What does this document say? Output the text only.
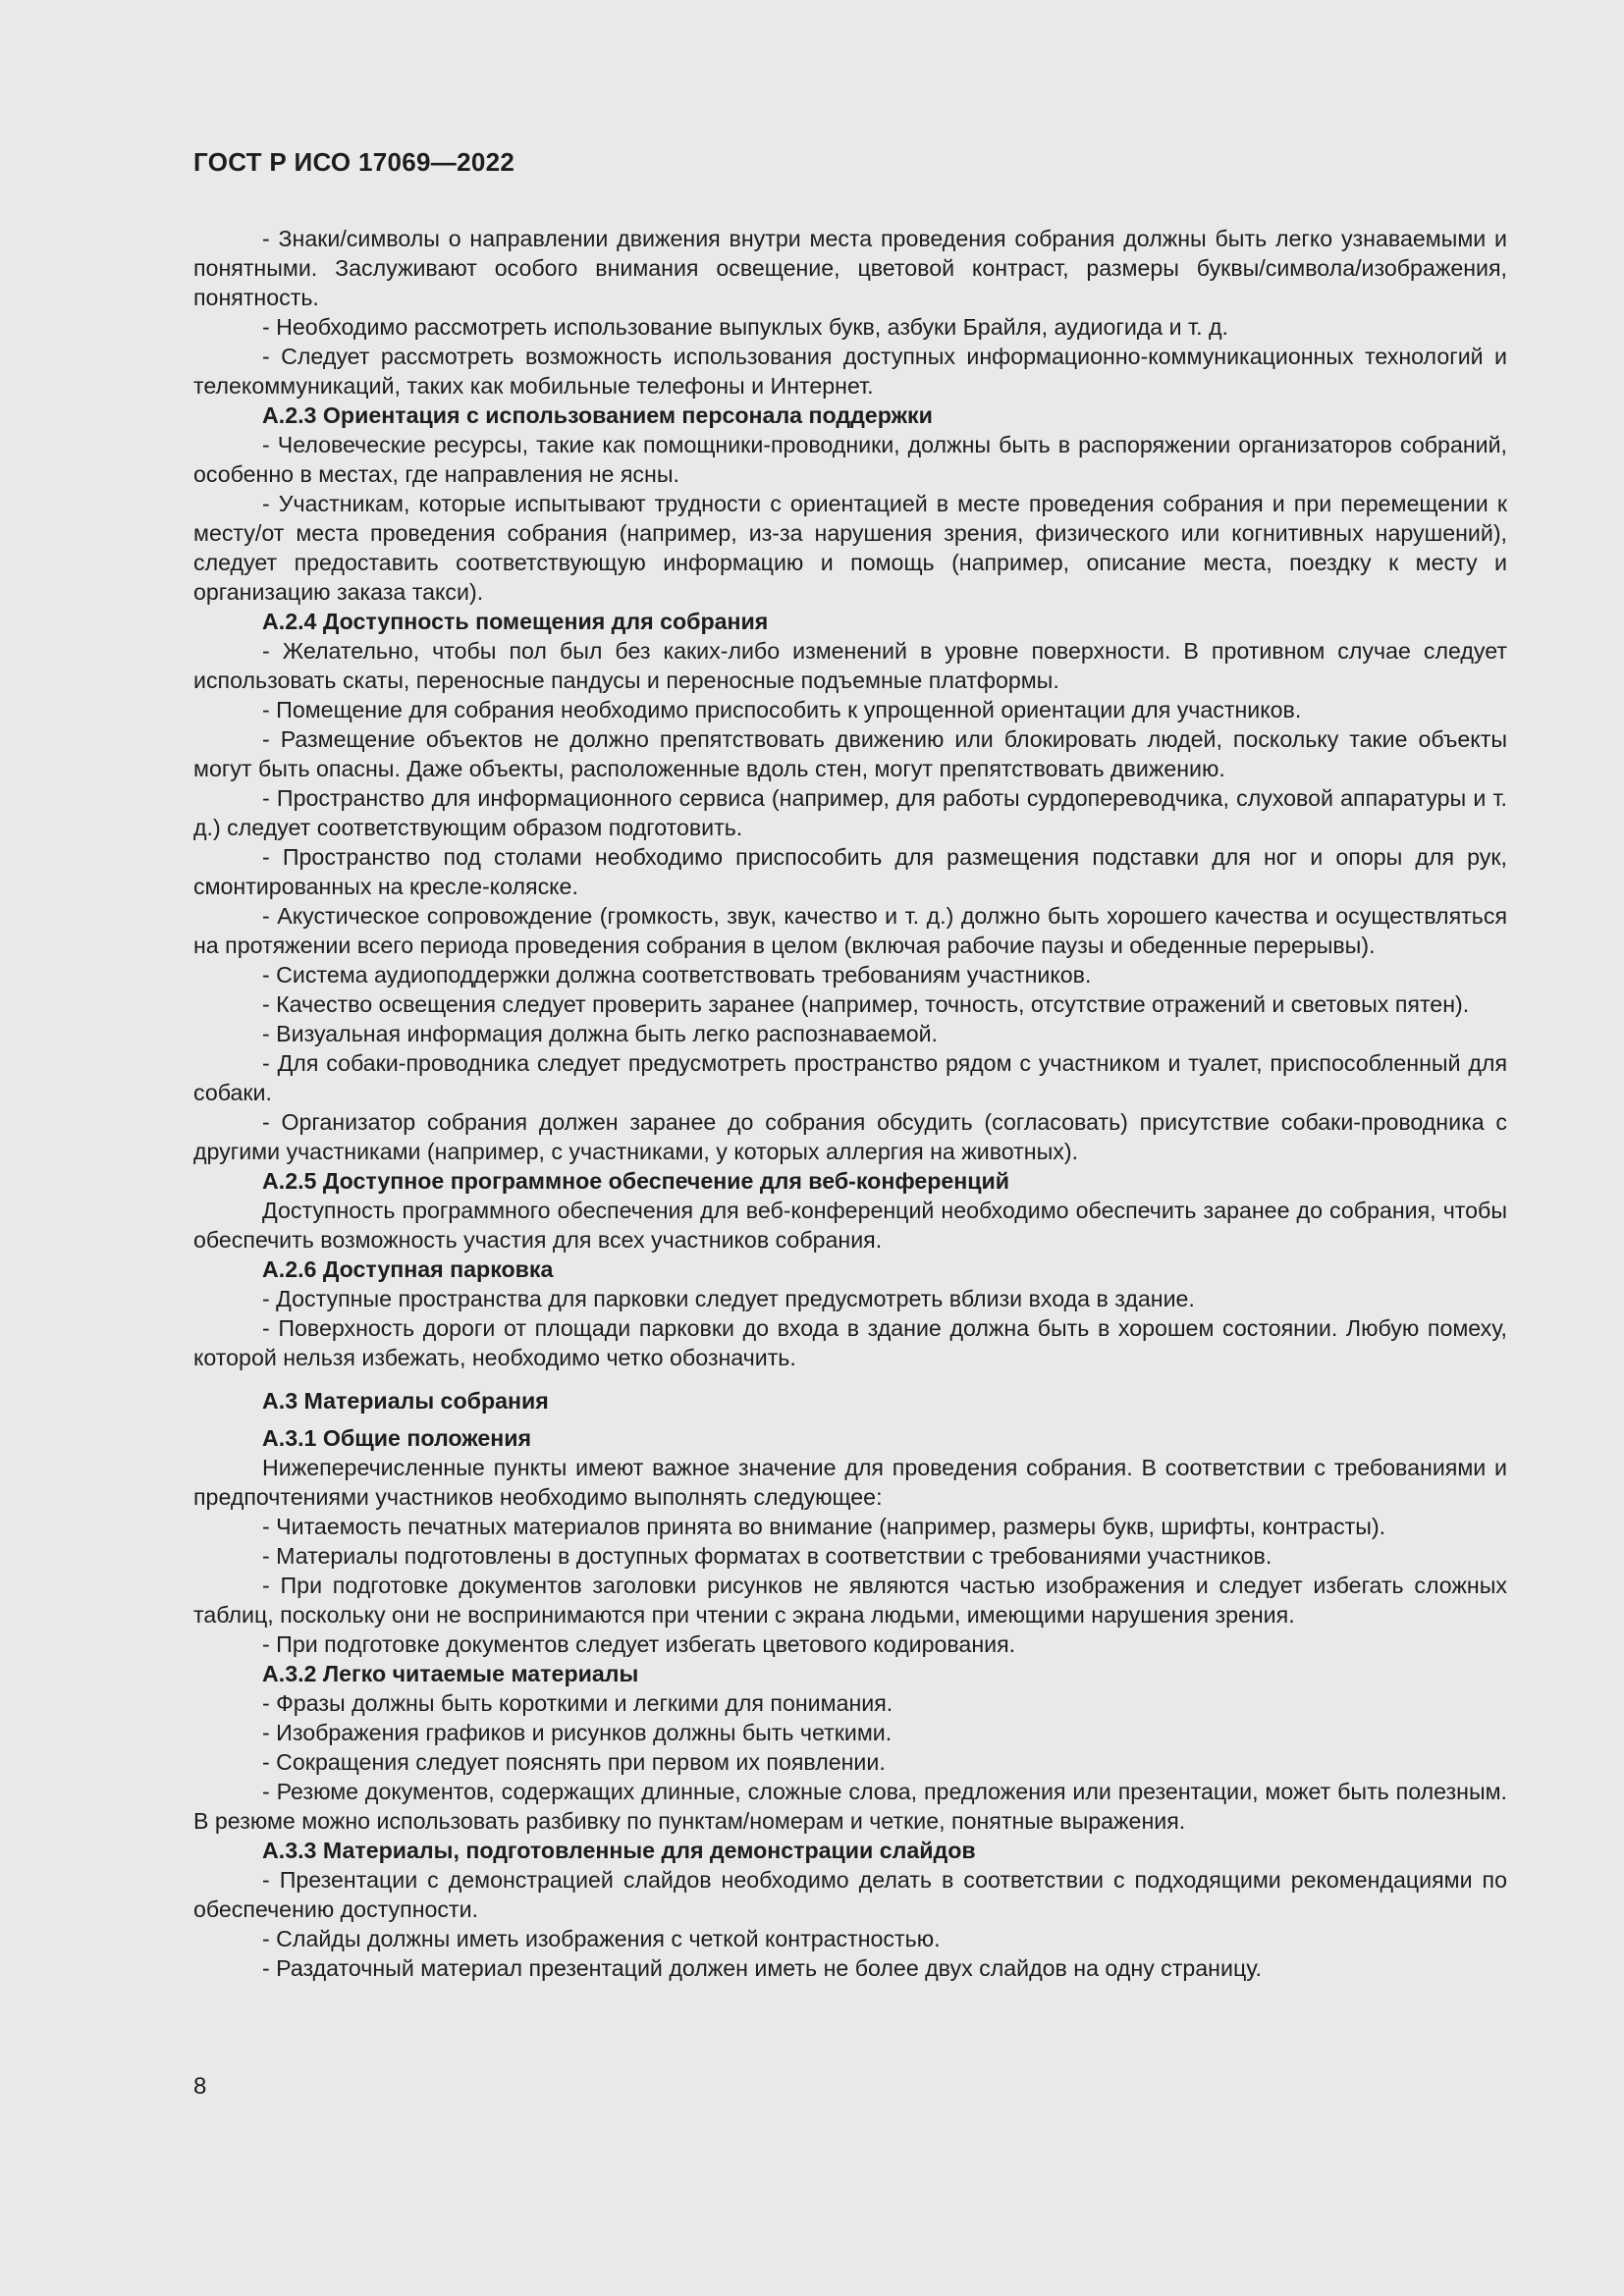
ГОСТ Р ИСО 17069—2022

- Знаки/символы о направлении движения внутри места проведения собрания должны быть легко узнаваемыми и понятными. Заслуживают особого внимания освещение, цветовой контраст, размеры буквы/символа/изображения, понятность.

- Необходимо рассмотреть использование выпуклых букв, азбуки Брайля, аудиогида и т. д.

- Следует рассмотреть возможность использования доступных информационно-коммуникационных технологий и телекоммуникаций, таких как мобильные телефоны и Интернет.

А.2.3 Ориентация с использованием персонала поддержки

- Человеческие ресурсы, такие как помощники-проводники, должны быть в распоряжении организаторов собраний, особенно в местах, где направления не ясны.

- Участникам, которые испытывают трудности с ориентацией в месте проведения собрания и при перемещении к месту/от места проведения собрания (например, из-за нарушения зрения, физического или когнитивных нарушений), следует предоставить соответствующую информацию и помощь (например, описание места, поездку к месту и организацию заказа такси).

А.2.4 Доступность помещения для собрания

- Желательно, чтобы пол был без каких-либо изменений в уровне поверхности. В противном случае следует использовать скаты, переносные пандусы и переносные подъемные платформы.

- Помещение для собрания необходимо приспособить к упрощенной ориентации для участников.

- Размещение объектов не должно препятствовать движению или блокировать людей, поскольку такие объекты могут быть опасны. Даже объекты, расположенные вдоль стен, могут препятствовать движению.

- Пространство для информационного сервиса (например, для работы сурдопереводчика, слуховой аппаратуры и т. д.) следует соответствующим образом подготовить.

- Пространство под столами необходимо приспособить для размещения подставки для ног и опоры для рук, смонтированных на кресле-коляске.

- Акустическое сопровождение (громкость, звук, качество и т. д.) должно быть хорошего качества и осуществляться на протяжении всего периода проведения собрания в целом (включая рабочие паузы и обеденные перерывы).

- Система аудиоподдержки должна соответствовать требованиям участников.

- Качество освещения следует проверить заранее (например, точность, отсутствие отражений и световых пятен).

- Визуальная информация должна быть легко распознаваемой.

- Для собаки-проводника следует предусмотреть пространство рядом с участником и туалет, приспособленный для собаки.

- Организатор собрания должен заранее до собрания обсудить (согласовать) присутствие собаки-проводника с другими участниками (например, с участниками, у которых аллергия на животных).

А.2.5 Доступное программное обеспечение для веб-конференций

Доступность программного обеспечения для веб-конференций необходимо обеспечить заранее до собрания, чтобы обеспечить возможность участия для всех участников собрания.

А.2.6 Доступная парковка

- Доступные пространства для парковки следует предусмотреть вблизи входа в здание.

- Поверхность дороги от площади парковки до входа в здание должна быть в хорошем состоянии. Любую помеху, которой нельзя избежать, необходимо четко обозначить.

А.3 Материалы собрания

А.3.1 Общие положения

Нижеперечисленные пункты имеют важное значение для проведения собрания. В соответствии с требованиями и предпочтениями участников необходимо выполнять следующее:

- Читаемость печатных материалов принята во внимание (например, размеры букв, шрифты, контрасты).

- Материалы подготовлены в доступных форматах в соответствии с требованиями участников.

- При подготовке документов заголовки рисунков не являются частью изображения и следует избегать сложных таблиц, поскольку они не воспринимаются при чтении с экрана людьми, имеющими нарушения зрения.

- При подготовке документов следует избегать цветового кодирования.

А.3.2 Легко читаемые материалы

- Фразы должны быть короткими и легкими для понимания.

- Изображения графиков и рисунков должны быть четкими.

- Сокращения следует пояснять при первом их появлении.

- Резюме документов, содержащих длинные, сложные слова, предложения или презентации, может быть полезным. В резюме можно использовать разбивку по пунктам/номерам и четкие, понятные выражения.

А.3.3 Материалы, подготовленные для демонстрации слайдов

- Презентации с демонстрацией слайдов необходимо делать в соответствии с подходящими рекомендациями по обеспечению доступности.

- Слайды должны иметь изображения с четкой контрастностью.

- Раздаточный материал презентаций должен иметь не более двух слайдов на одну страницу.

8
